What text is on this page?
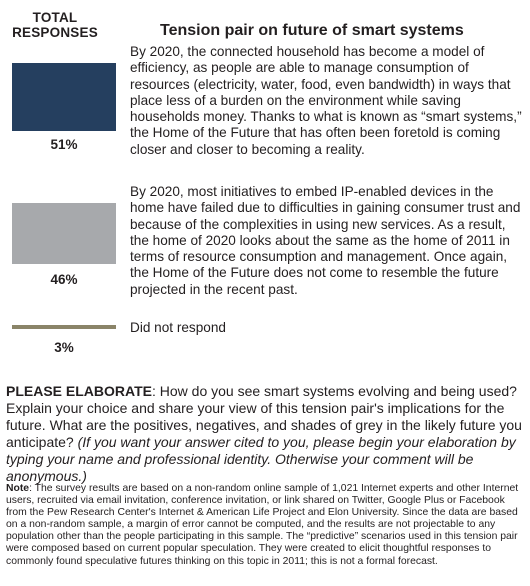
TOTAL RESPONSES	Tension pair on future of smart systems
51%
46%
3%
By 2020, the connected household has become a model of efficiency, as people are able to manage consumption of resources (electricity, water, food, even bandwidth) in ways that place less of a burden on the environment while saving households money. Thanks to what is known as “smart systems,” the Home of the Future that has often been foretold is coming closer and closer to becoming a reality.
By 2020, most initiatives to embed IP-enabled devices in the home have failed due to difficulties in gaining consumer trust and because of the complexities in using new services. As a result, the home of 2020 looks about the same as the home of 2011 in terms of resource consumption and management. Once again, the Home of the Future does not come to resemble the future projected in the recent past.
Did not respond
PLEASE ELABORATE: How do you see smart systems evolving and being used? Explain your choice and share your view of this tension pair's implications for the future. What are the positives, negatives, and shades of grey in the likely future you anticipate? (If you want your answer cited to you, please begin your elaboration by typing your name and professional identity. Otherwise your comment will be anonymous.)
Note: The survey results are based on a non-random online sample of 1,021 Internet experts and other Internet users, recruited via email invitation, conference invitation, or link shared on Twitter, Google Plus or Facebook from the Pew Research Center's Internet & American Life Project and Elon University. Since the data are based on a non-random sample, a margin of error cannot be computed, and the results are not projectable to any population other than the people participating in this sample. The “predictive” scenarios used in this tension pair were composed based on current popular speculation. They were created to elicit thoughtful responses to commonly found speculative futures thinking on this topic in 2011; this is not a formal forecast.
